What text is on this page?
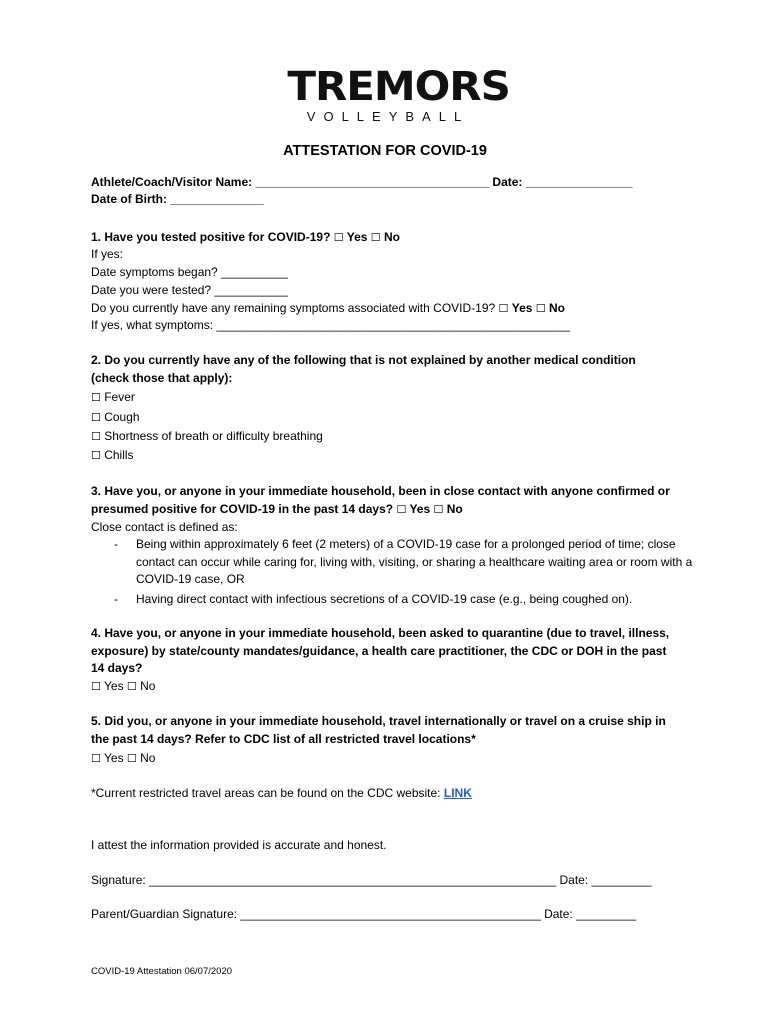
TREMORS
VOLLEYBALL
ATTESTATION FOR COVID-19
Athlete/Coach/Visitor Name: ___________________________________ Date: ________________
Date of Birth: ______________
1. Have you tested positive for COVID-19? ☐ Yes ☐ No
If yes:
Date symptoms began? __________
Date you were tested? ___________
Do you currently have any remaining symptoms associated with COVID-19? ☐ Yes ☐ No
If yes, what symptoms: _____________________________________________________
2. Do you currently have any of the following that is not explained by another medical condition
(check those that apply):
☐ Fever
☐ Cough
☐ Shortness of breath or difficulty breathing
☐ Chills
3. Have you, or anyone in your immediate household, been in close contact with anyone confirmed or
presumed positive for COVID-19 in the past 14 days? ☐ Yes ☐ No
Close contact is defined as:
- Being within approximately 6 feet (2 meters) of a COVID-19 case for a prolonged period of time; close contact can occur while caring for, living with, visiting, or sharing a healthcare waiting area or room with a COVID-19 case, OR
- Having direct contact with infectious secretions of a COVID-19 case (e.g., being coughed on).
4. Have you, or anyone in your immediate household, been asked to quarantine (due to travel, illness,
exposure) by state/county mandates/guidance, a health care practitioner, the CDC or DOH in the past
14 days?
☐ Yes ☐ No
5. Did you, or anyone in your immediate household, travel internationally or travel on a cruise ship in
the past 14 days? Refer to CDC list of all restricted travel locations*
☐ Yes ☐ No
*Current restricted travel areas can be found on the CDC website: LINK
I attest the information provided is accurate and honest.
Signature: _____________________________________________________________ Date: _________
Parent/Guardian Signature: _____________________________________________ Date: _________
COVID-19 Attestation 06/07/2020
